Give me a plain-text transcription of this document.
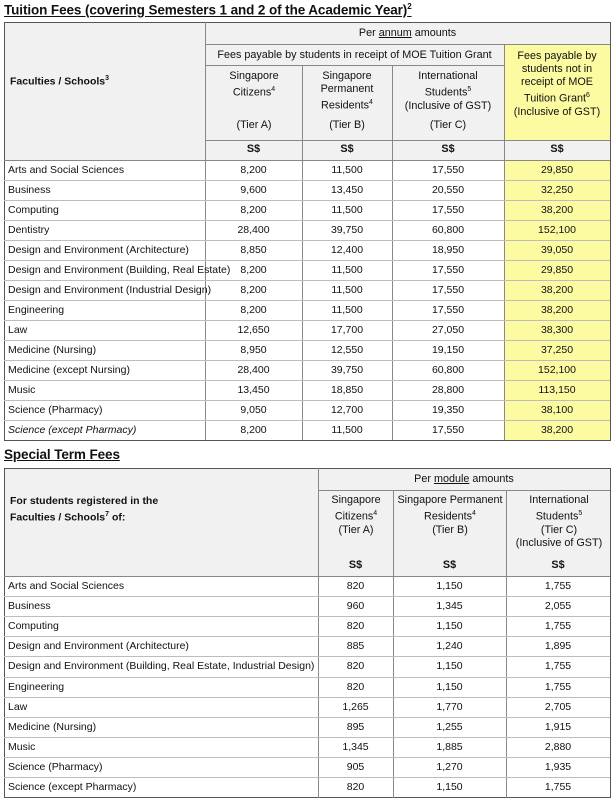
Tuition Fees (covering Semesters 1 and 2 of the Academic Year)$^2$
Per annum amounts
Fees payable by students in receipt of MOE Tuition Grant
Faculties / Schools$^3$	Singapore Citizens$^4$
(Tier A)
Singapore Permanent Residents$^4$
(Tier B)
International Students$^5$
(Inclusive of GST)
(Tier C)
Fees payable by students not in receipt of MOE Tuition Grant$^6$
(Inclusive of GST)
S$	S$	S$	S$
Arts and Social Sciences	8,200	11,500	17,550	29,850
Business	9,600	13,450	20,550	32,250
Computing	8,200	11,500	17,550	38,200
Dentistry	28,400	39,750	60,800	152,100
Design and Environment (Architecture)	8,850	12,400	18,950	39,050
Design and Environment (Building, Real Estate) 8,200	11,500	17,550	29,850
Design and Environment (Industrial Design)	8,200	11,500	17,550	38,200
Engineering	8,200	11,500	17,550	38,200
Law	12,650	17,700	27,050	38,300
Medicine (Nursing)	8,950	12,550	19,150	37,250
Medicine (except Nursing)	28,400	39,750	60,800	152,100
Music	13,450	18,850	28,800	113,150
Science (Pharmacy)	9,050	12,700	19,350	38,100
Science (except Pharmacy)	8,200	11,500	17,550	38,200
Special Term Fees
Per module amounts
For students registered in the Faculties / Schools$^7$ of:
Singapore Citizens$^4$
(Tier A)
Singapore Permanent Residents$^4$
(Tier B)
International Students$^5$
(Tier C)
(Inclusive of GST)
S$	S$	S$
Arts and Social Sciences	820	1,150	1,755
Business	960	1,345	2,055
Computing	820	1,150	1,755
Design and Environment (Architecture)	885	1,240	1,895
Design and Environment (Building, Real Estate, Industrial Design)	820	1,150	1,755
Engineering	820	1,150	1,755
Law	1,265	1,770	2,705
Medicine (Nursing)	895	1,255	1,915
Music	1,345	1,885	2,880
Science (Pharmacy)	905	1,270	1,935
Science (except Pharmacy)	820	1,150	1,755
